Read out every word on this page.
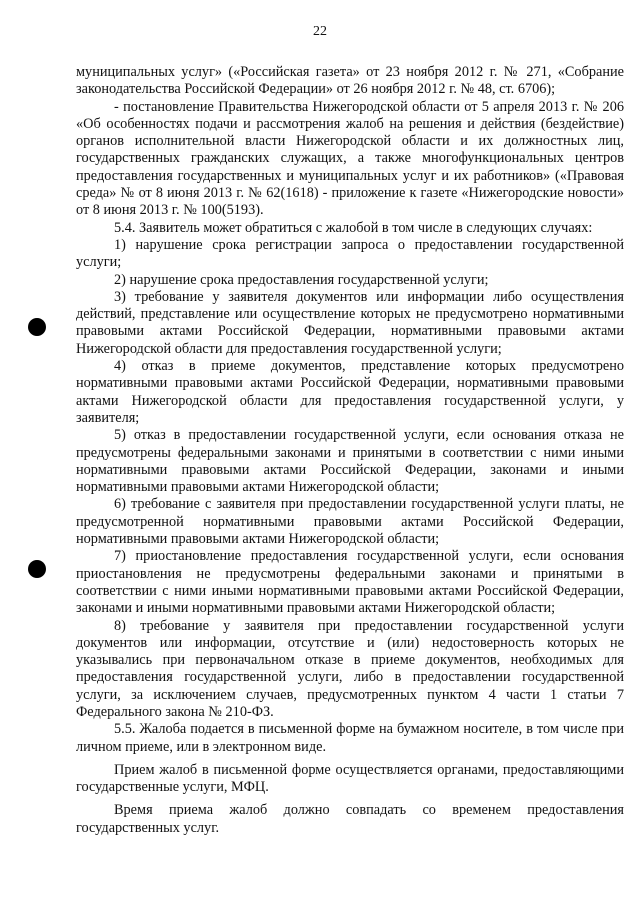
22

муниципальных услуг» («Российская газета» от 23 ноября 2012 г. № 271, «Собрание законодательства Российской Федерации» от 26 ноября 2012 г. № 48, ст. 6706);

- постановление Правительства Нижегородской области от 5 апреля 2013 г. № 206 «Об особенностях подачи и рассмотрения жалоб на решения и действия (бездействие) органов исполнительной власти Нижегородской области и их должностных лиц, государственных гражданских служащих, а также многофункциональных центров предоставления государственных и муниципальных услуг и их работников» («Правовая среда» № от 8 июня 2013 г. № 62(1618) - приложение к газете «Нижегородские новости» от 8 июня 2013 г. № 100(5193).

5.4. Заявитель может обратиться с жалобой в том числе в следующих случаях:

1) нарушение срока регистрации запроса о предоставлении государственной услуги;

2) нарушение срока предоставления государственной услуги;

3) требование у заявителя документов или информации либо осуществления действий, представление или осуществление которых не предусмотрено нормативными правовыми актами Российской Федерации, нормативными правовыми актами Нижегородской области для предоставления государственной услуги;

4) отказ в приеме документов, представление которых предусмотрено нормативными правовыми актами Российской Федерации, нормативными правовыми актами Нижегородской области для предоставления государственной услуги, у заявителя;

5) отказ в предоставлении государственной услуги, если основания отказа не предусмотрены федеральными законами и принятыми в соответствии с ними иными нормативными правовыми актами Российской Федерации, законами и иными нормативными правовыми актами Нижегородской области;

6) требование с заявителя при предоставлении государственной услуги платы, не предусмотренной нормативными правовыми актами Российской Федерации, нормативными правовыми актами Нижегородской области;

7) приостановление предоставления государственной услуги, если основания приостановления не предусмотрены федеральными законами и принятыми в соответствии с ними иными нормативными правовыми актами Российской Федерации, законами и иными нормативными правовыми актами Нижегородской области;

8) требование у заявителя при предоставлении государственной услуги документов или информации, отсутствие и (или) недостоверность которых не указывались при первоначальном отказе в приеме документов, необходимых для предоставления государственной услуги, либо в предоставлении государственной услуги, за исключением случаев, предусмотренных пунктом 4 части 1 статьи 7 Федерального закона № 210-ФЗ.

5.5. Жалоба подается в письменной форме на бумажном носителе, в том числе при личном приеме, или в электронном виде.

Прием жалоб в письменной форме осуществляется органами, предоставляющими государственные услуги, МФЦ.

Время приема жалоб должно совпадать со временем предоставления государственных услуг.
